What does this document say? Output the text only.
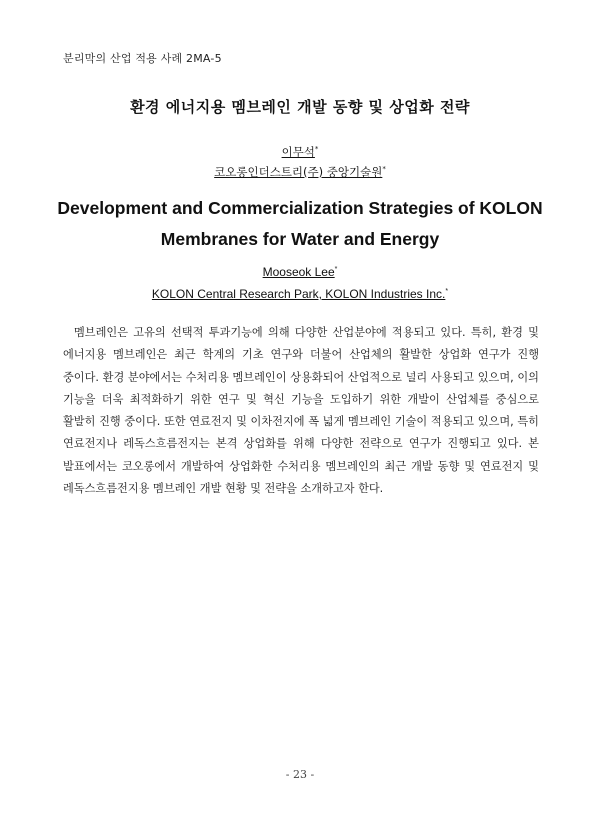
분리막의 산업 적용 사례 2MA-5
환경 에너지용 멤브레인 개발 동향 및 상업화 전략
이무석*
코오롱인더스트리(주) 중앙기술원*
Development and Commercialization Strategies of KOLON Membranes for Water and Energy
Mooseok Lee*
KOLON Central Research Park, KOLON Industries Inc.*

멤브레인은 고유의 선택적 투과기능에 의해 다양한 산업분야에 적용되고 있다. 특히, 환경 및 에너지용 멤브레인은 최근 학계의 기초 연구와 더불어 산업체의 활발한 상업화 연구가 진행 중이다. 환경 분야에서는 수처리용 멤브레인이 상용화되어 산업적으로 널리 사용되고 있으며, 이의 기능을 더욱 최적화하기 위한 연구 및 혁신 기능을 도입하기 위한 개발이 산업체를 중심으로 활발히 진행 중이다. 또한 연료전지 및 이차전지에 폭 넓게 멤브레인 기술이 적용되고 있으며, 특히 연료전지나 레독스흐름전지는 본격 상업화를 위해 다양한 전략으로 연구가 진행되고 있다. 본 발표에서는 코오롱에서 개발하여 상업화한 수처리용 멤브레인의 최근 개발 동향 및 연료전지 및 레독스흐름전지용 멤브레인 개발 현황 및 전략을 소개하고자 한다.

- 23 -
